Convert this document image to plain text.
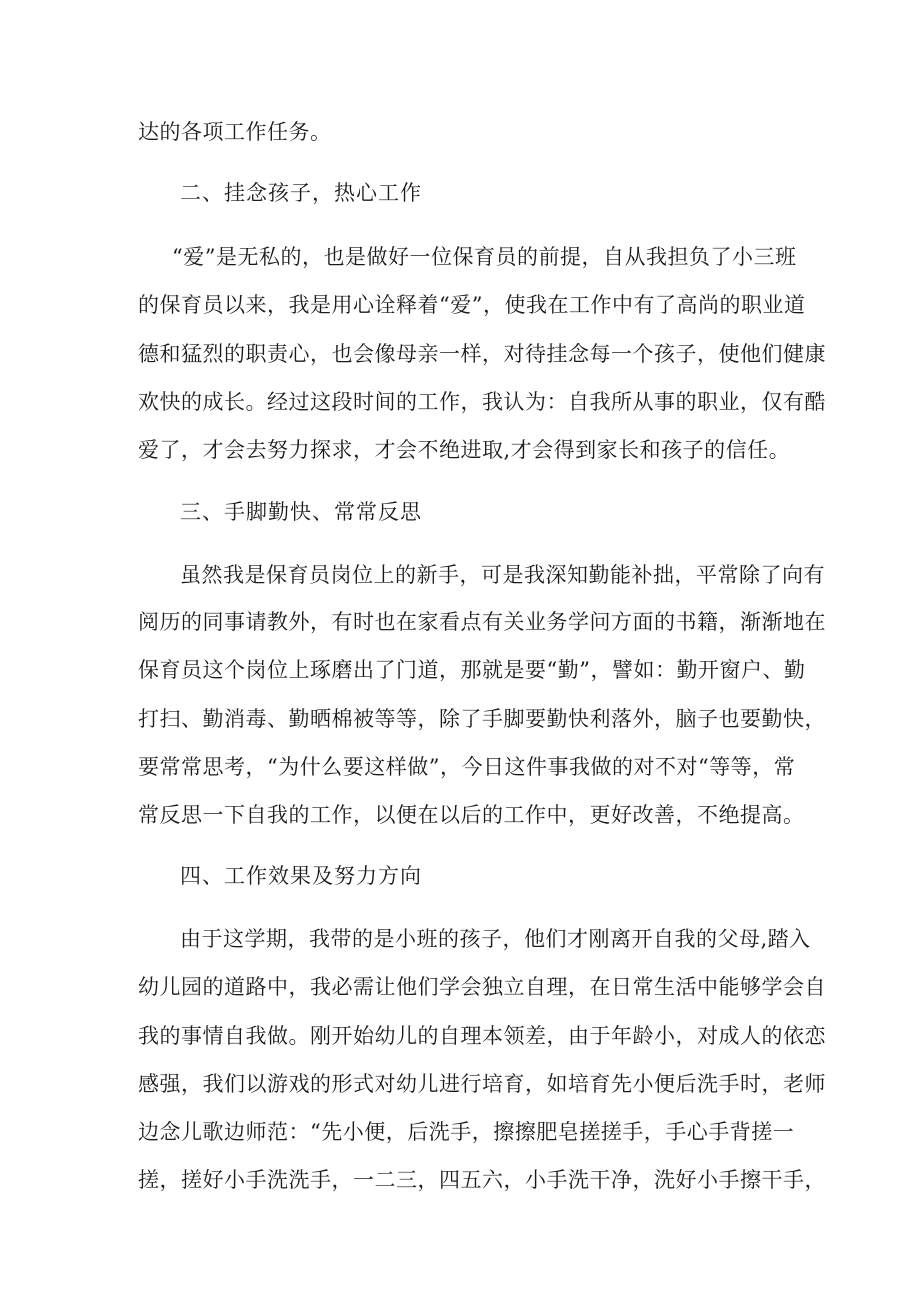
达的各项工作任务。
二、挂念孩子，热心工作
“爱”是无私的，也是做好一位保育员的前提，自从我担负了小三班
的保育员以来，我是用心诠释着“爱”，使我在工作中有了高尚的职业道
德和猛烈的职责心，也会像母亲一样，对待挂念每一个孩子，使他们健康
欢快的成长。经过这段时间的工作，我认为：自我所从事的职业，仅有酷
爱了，才会去努力探求，才会不绝进取,才会得到家长和孩子的信任。
三、手脚勤快、常常反思
虽然我是保育员岗位上的新手，可是我深知勤能补拙，平常除了向有
阅历的同事请教外，有时也在家看点有关业务学问方面的书籍，渐渐地在
保育员这个岗位上琢磨出了门道，那就是要“勤”，譬如：勤开窗户、勤
打扫、勤消毒、勤晒棉被等等，除了手脚要勤快利落外，脑子也要勤快，
要常常思考，“为什么要这样做”，今日这件事我做的对不对“等等，常
常反思一下自我的工作，以便在以后的工作中，更好改善，不绝提高。
四、工作效果及努力方向
由于这学期，我带的是小班的孩子，他们才刚离开自我的父母,踏入
幼儿园的道路中，我必需让他们学会独立自理，在日常生活中能够学会自
我的事情自我做。刚开始幼儿的自理本领差，由于年龄小，对成人的依恋
感强，我们以游戏的形式对幼儿进行培育，如培育先小便后洗手时，老师
边念儿歌边师范：“先小便，后洗手，擦擦肥皂搓搓手，手心手背搓一
搓，搓好小手洗洗手，一二三，四五六，小手洗干净，洗好小手擦干手，
